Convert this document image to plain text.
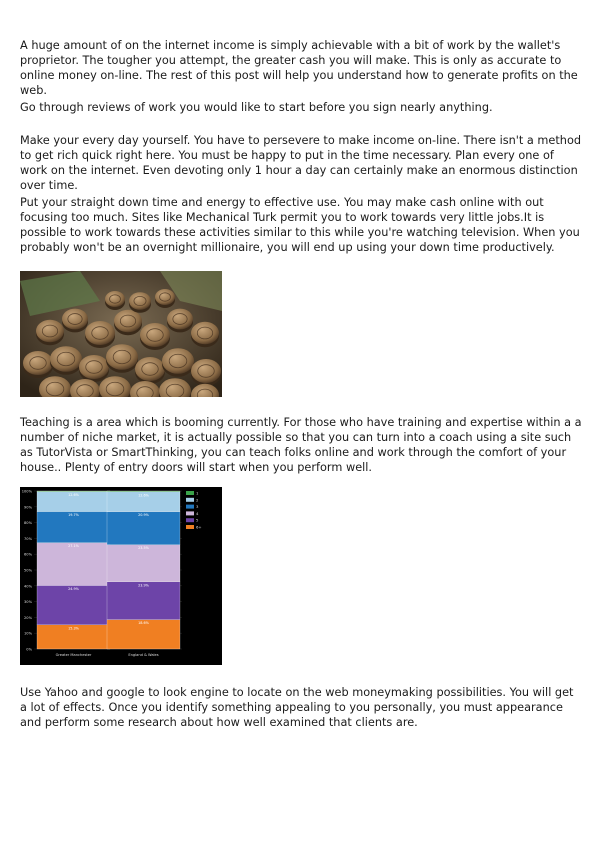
A huge amount of on the internet income is simply achievable with a bit of work by the wallet's proprietor. The tougher you attempt, the greater cash you will make. This is only as accurate to online money on-line. The rest of this post will help you understand how to generate profits on the web.

Go through reviews of work you would like to start before you sign nearly anything.

Make your every day yourself. You have to persevere to make income on-line. There isn't a method to get rich quick right here. You must be happy to put in the time necessary. Plan every one of work on the internet. Even devoting only 1 hour a day can certainly make an enormous distinction over time.

Put your straight down time and energy to effective use. You may make cash online with out focusing too much. Sites like Mechanical Turk permit you to work towards very little jobs.It is possible to work towards these activities similar to this while you're watching television. When you probably won't be an overnight millionaire, you will end up using your down time productively.

Teaching is a area which is booming currently. For those who have training and expertise within a a number of niche market, it is actually possible so that you can turn into a coach using a site such as TutorVista or SmartThinking, you can teach folks online and work through the comfort of your house.. Plenty of entry doors will start when you perform well.

0%
10%
20%
30%
40%
50%
60%
70%
80%
90%
100%
15.3%
24.9%
27.1%
19.7%
12.6%
Greater Manchester
18.6%
23.9%
23.5%
20.9%
12.6%
England & Wales
1
2
3
4
5
6+

Use Yahoo and google to look engine to locate on the web moneymaking possibilities. You will get a lot of effects. Once you identify something appealing to you personally, you must appearance and perform some research about how well examined that clients are.
